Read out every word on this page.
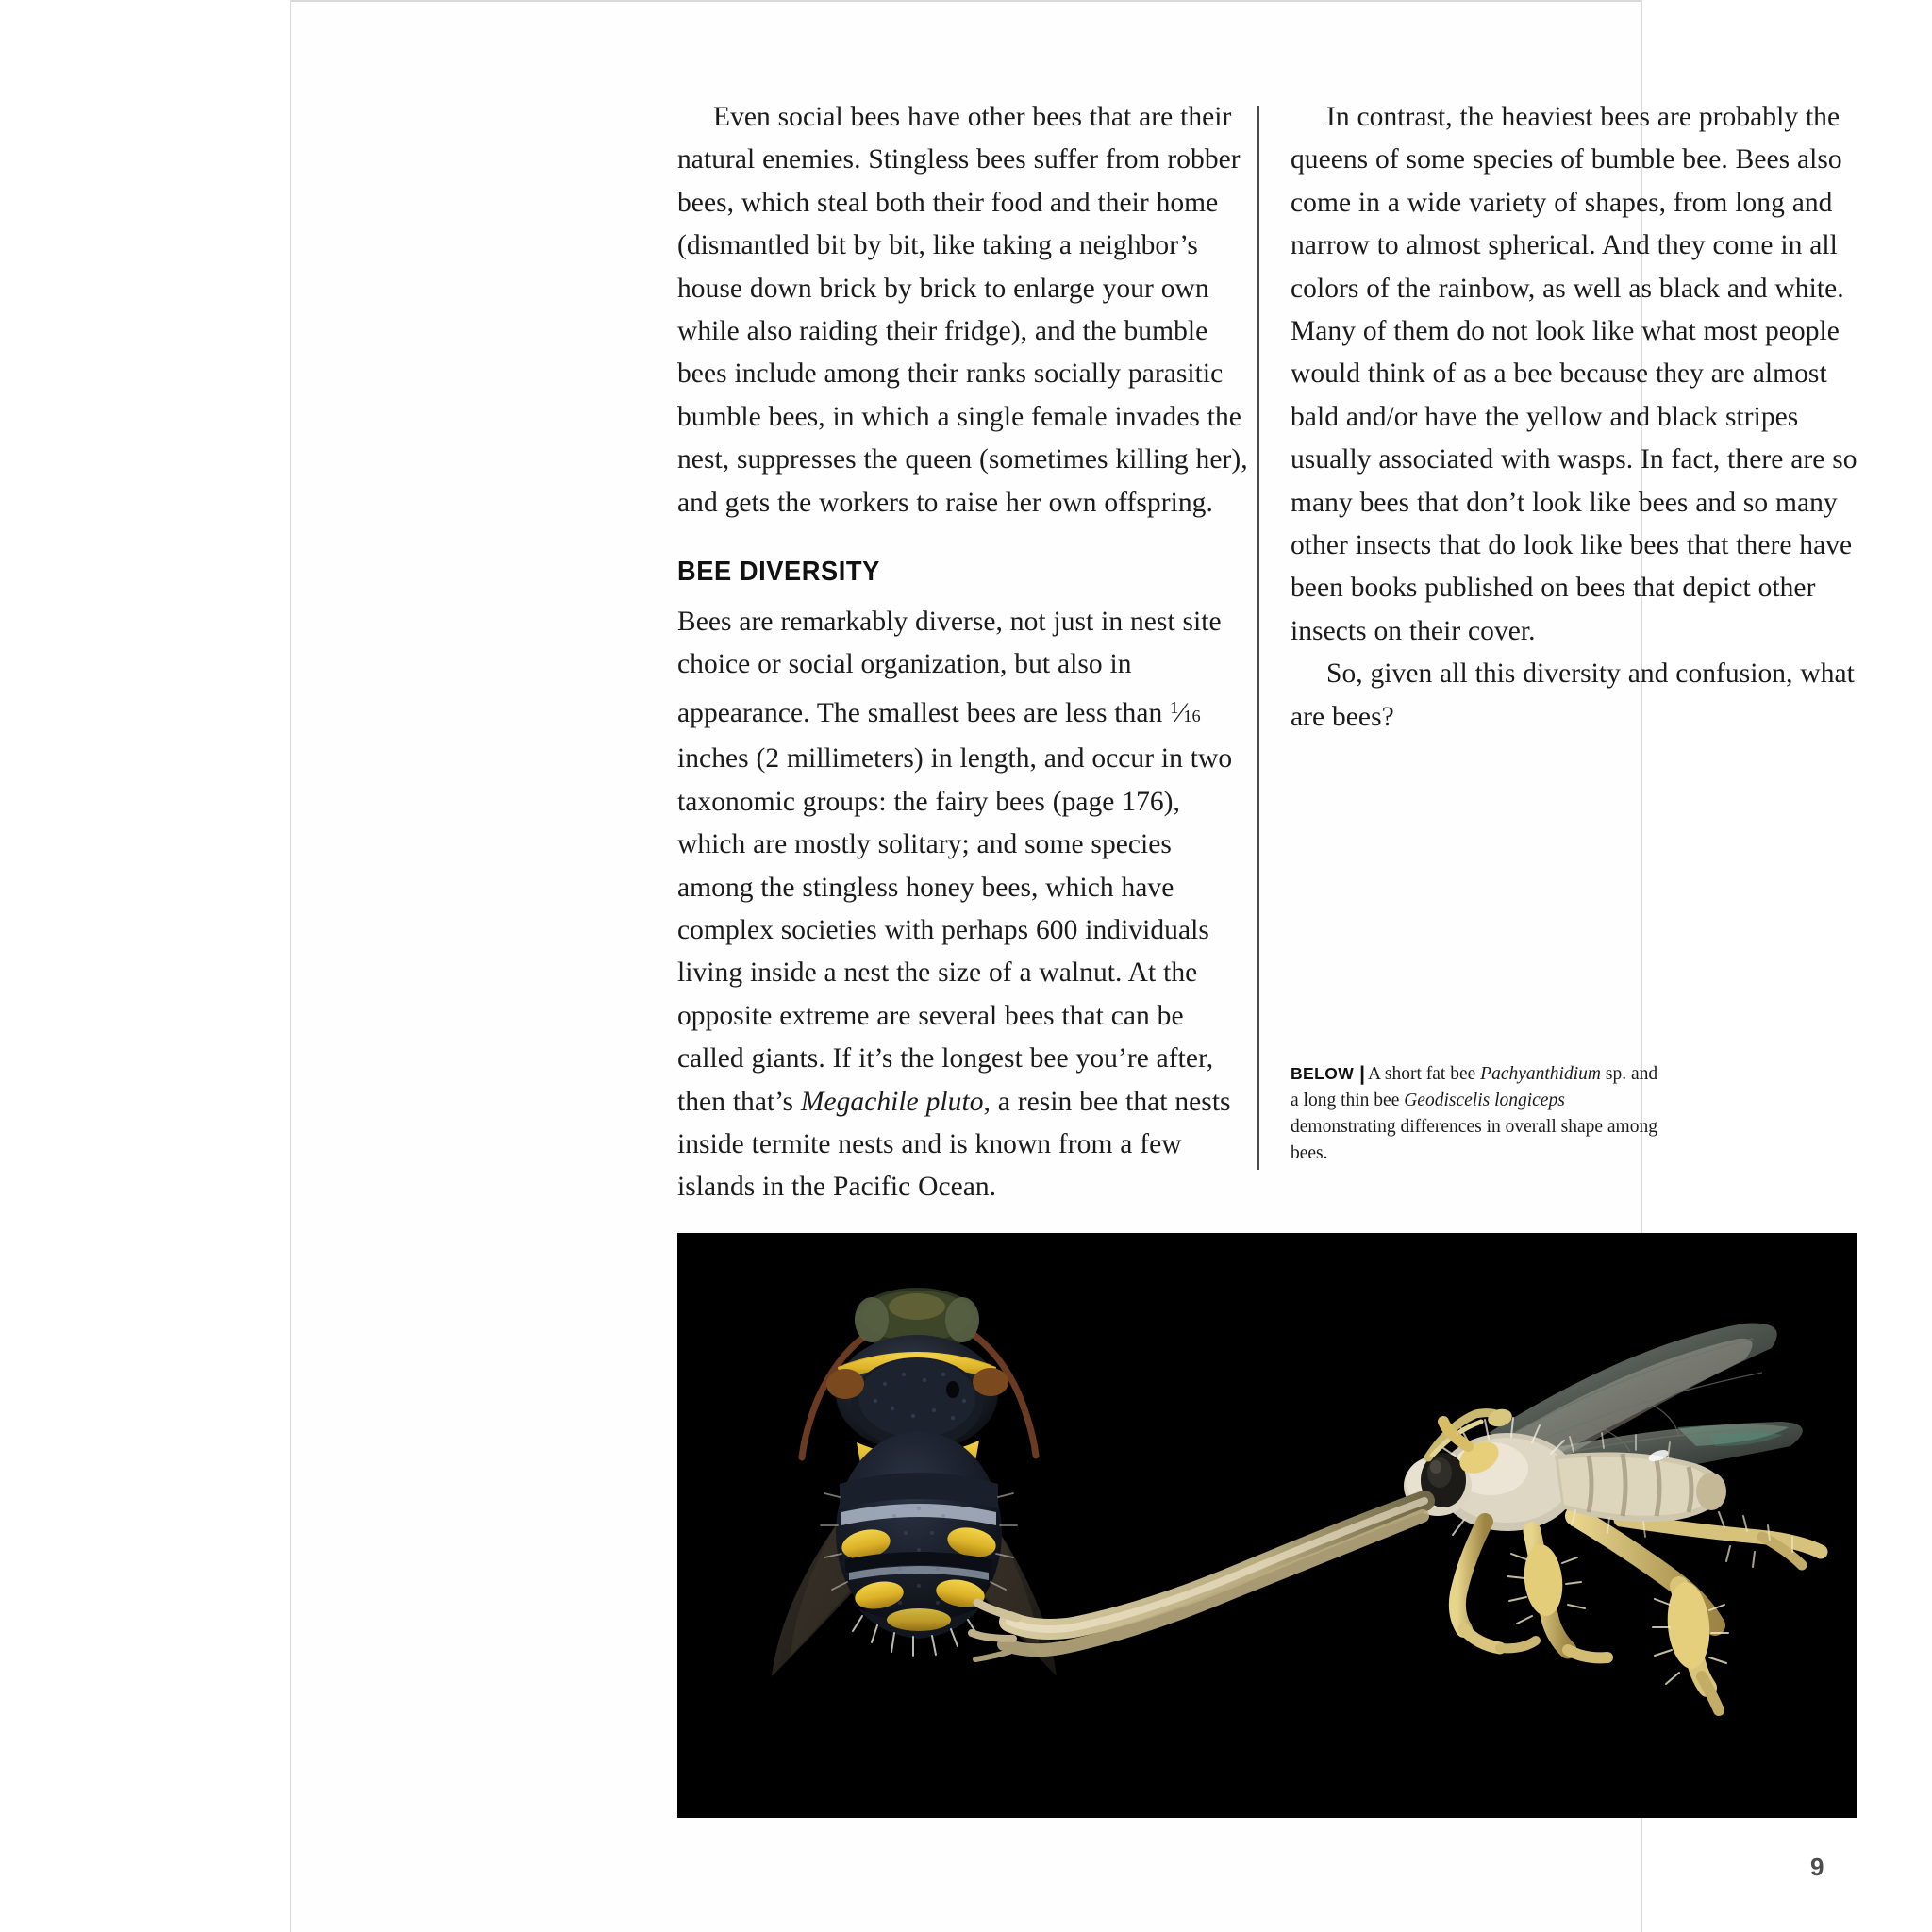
Even social bees have other bees that are their natural enemies. Stingless bees suffer from robber bees, which steal both their food and their home (dismantled bit by bit, like taking a neighbor’s house down brick by brick to enlarge your own while also raiding their fridge), and the bumble bees include among their ranks socially parasitic bumble bees, in which a single female invades the nest, suppresses the queen (sometimes killing her), and gets the workers to raise her own offspring.

BEE DIVERSITY

Bees are remarkably diverse, not just in nest site choice or social organization, but also in appearance. The smallest bees are less than $^1$⁄16 inches (2 millimeters) in length, and occur in two taxonomic groups: the fairy bees (page 176), which are mostly solitary; and some species among the stingless honey bees, which have complex societies with perhaps 600 individuals living inside a nest the size of a walnut. At the opposite extreme are several bees that can be called giants. If it’s the longest bee you’re after, then that’s Megachile pluto, a resin bee that nests inside termite nests and is known from a few islands in the Pacific Ocean.

In contrast, the heaviest bees are probably the queens of some species of bumble bee. Bees also come in a wide variety of shapes, from long and narrow to almost spherical. And they come in all colors of the rainbow, as well as black and white. Many of them do not look like what most people would think of as a bee because they are almost bald and/or have the yellow and black stripes usually associated with wasps. In fact, there are so many bees that don’t look like bees and so many other insects that do look like bees that there have been books published on bees that depict other insects on their cover.

So, given all this diversity and confusion, what are bees?

BELOW | A short fat bee Pachyanthidium sp. and a long thin bee Geodiscelis longiceps demonstrating differences in overall shape among bees.
9
